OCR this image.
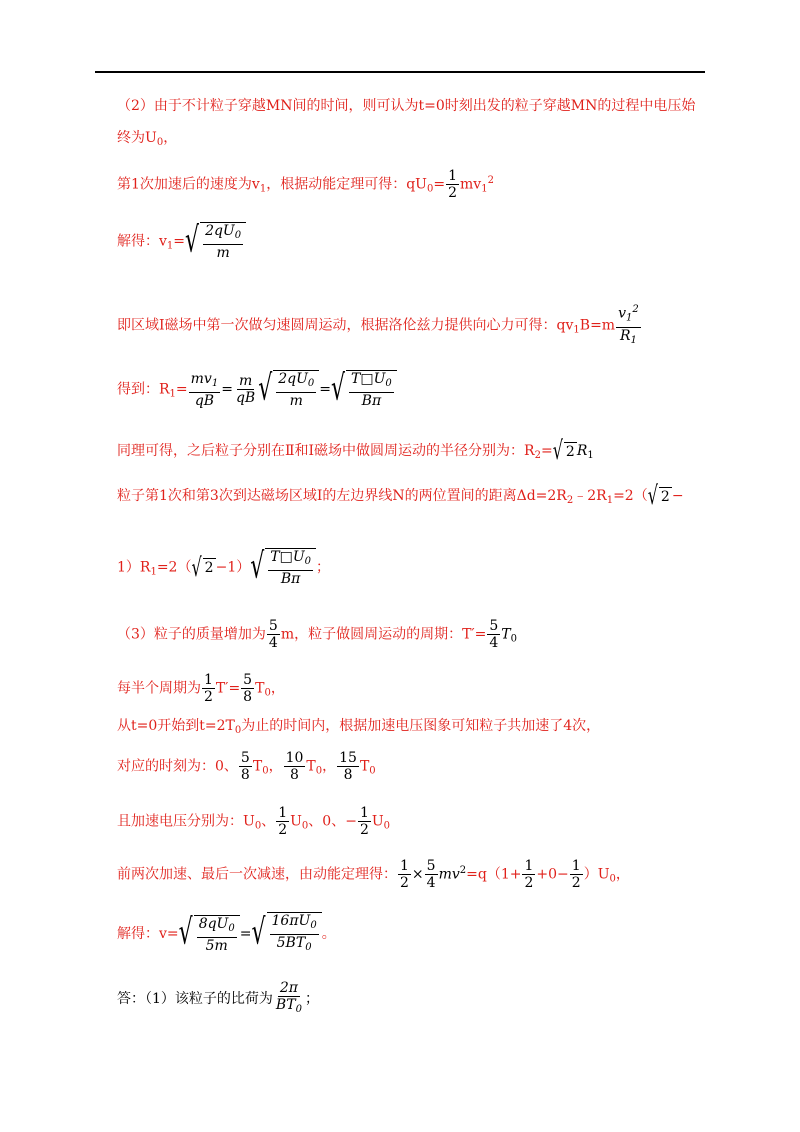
（2）由于不计粒子穿越MN间的时间，则可认为t=0时刻出发的粒子穿越MN的过程中电压始
终为$U_0$，
第1次加速后的速度为$v_1$，根据动能定理可得：$qU_0= \frac{1}{2} mv_1^2$
解得：$v_1=$ √ $\frac{2qU_0}{m}$
即区域Ⅰ磁场中第一次做匀速圆周运动，根据洛伦兹力提供向心力可得：$qv_1B=m \frac{v_1^2}{R_1}$
得到：$R_1= \frac{mv_1}{qB} = \frac{m}{qB}$ √ $\frac{2qU_0}{m}$ = √ $\frac{T□U_0}{B\pi}$
同理可得，之后粒子分别在Ⅱ和Ⅰ磁场中做圆周运动的半径分别为：$R_2=$ √ 2 $R_1$
粒子第1次和第3次到达磁场区域Ⅰ的左边界线N的两位置间的距离$\Delta d=2R_2﹣2R_1=2$（ √ 2 −
$1)R_1=2$（ √ 2 −1） √ $\frac{T□U_0}{B\pi}$ ；
（3）粒子的质量增加为 $\frac{5}{4}$ m，粒子做圆周运动的周期：$T'= \frac{5}{4} T_0$
每半个周期为 $\frac{1}{2} T'= \frac{5}{8} T_0$，
从t=0开始到$t=2T_0$为止的时间内，根据加速电压图象可知粒子共加速了4次，
对应的时刻为：0、 $\frac{5}{8} T_0$， $\frac{10}{8} T_0$， $\frac{15}{8} T_0$
且加速电压分别为：$U_0$、 $\frac{1}{2} U_0$、0、− $\frac{1}{2} U_0$
前两次加速、最后一次减速，由动能定理得： $\frac{1}{2} \times \frac{5}{4} mv^2=q(1+ \frac{1}{2} +0- \frac{1}{2} )U_0$，
解得：v= √ $\frac{8qU_0}{5m}$ = √ $\frac{16\pi U_0}{5BT_0}$ 。
答：（1）该粒子的比荷为 $\frac{2\pi}{BT_0}$ ；
